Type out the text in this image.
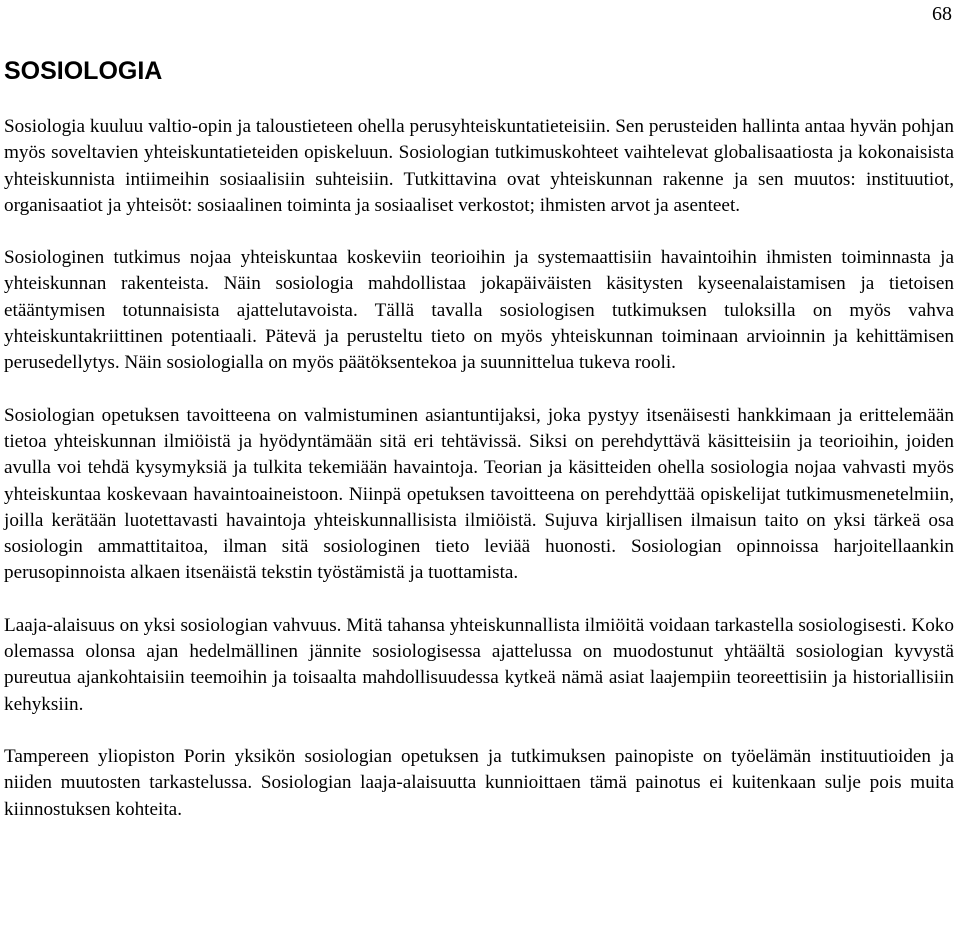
68
SOSIOLOGIA

Sosiologia kuuluu valtio-opin ja taloustieteen ohella perusyhteiskuntatieteisiin. Sen perusteiden hallinta antaa hyvän pohjan myös soveltavien yhteiskuntatieteiden opiskeluun. Sosiologian tutkimuskohteet vaihtelevat globalisaatiosta ja kokonaisista yhteiskunnista intiimeihin sosiaalisiin suhteisiin. Tutkittavina ovat yhteiskunnan rakenne ja sen muutos: instituutiot, organisaatiot ja yhteisöt: sosiaalinen toiminta ja sosiaaliset verkostot; ihmisten arvot ja asenteet.

Sosiologinen tutkimus nojaa yhteiskuntaa koskeviin teorioihin ja systemaattisiin havaintoihin ihmisten toiminnasta ja yhteiskunnan rakenteista. Näin sosiologia mahdollistaa jokapäiväisten käsitysten kyseenalaistamisen ja tietoisen etääntymisen totunnaisista ajattelutavoista. Tällä tavalla sosiologisen tutkimuksen tuloksilla on myös vahva yhteiskuntakriittinen potentiaali. Pätevä ja perusteltu tieto on myös yhteiskunnan toiminaan arvioinnin ja kehittämisen perusedellytys. Näin sosiologialla on myös päätöksentekoa ja suunnittelua tukeva rooli.

Sosiologian opetuksen tavoitteena on valmistuminen asiantuntijaksi, joka pystyy itsenäisesti hankkimaan ja erittelemään tietoa yhteiskunnan ilmiöistä ja hyödyntämään sitä eri tehtävissä. Siksi on perehdyttävä käsitteisiin ja teorioihin, joiden avulla voi tehdä kysymyksiä ja tulkita tekemiään havaintoja. Teorian ja käsitteiden ohella sosiologia nojaa vahvasti myös yhteiskuntaa koskevaan havaintoaineistoon. Niinpä opetuksen tavoitteena on perehdyttää opiskelijat tutkimusmenetelmiin, joilla kerätään luotettavasti havaintoja yhteiskunnallisista ilmiöistä. Sujuva kirjallisen ilmaisun taito on yksi tärkeä osa sosiologin ammattitaitoa, ilman sitä sosiologinen tieto leviää huonosti. Sosiologian opinnoissa harjoitellaankin perusopinnoista alkaen itsenäistä tekstin työstämistä ja tuottamista.

Laaja-alaisuus on yksi sosiologian vahvuus. Mitä tahansa yhteiskunnallista ilmiöitä voidaan tarkastella sosiologisesti. Koko olemassa olonsa ajan hedelmällinen jännite sosiologisessa ajattelussa on muodostunut yhtäältä sosiologian kyvystä pureutua ajankohtaisiin teemoihin ja toisaalta mahdollisuudessa kytkeä nämä asiat laajempiin teoreettisiin ja historiallisiin kehyksiin.

Tampereen yliopiston Porin yksikön sosiologian opetuksen ja tutkimuksen painopiste on työelämän instituutioiden ja niiden muutosten tarkastelussa. Sosiologian laaja-alaisuutta kunnioittaen tämä painotus ei kuitenkaan sulje pois muita kiinnostuksen kohteita.
